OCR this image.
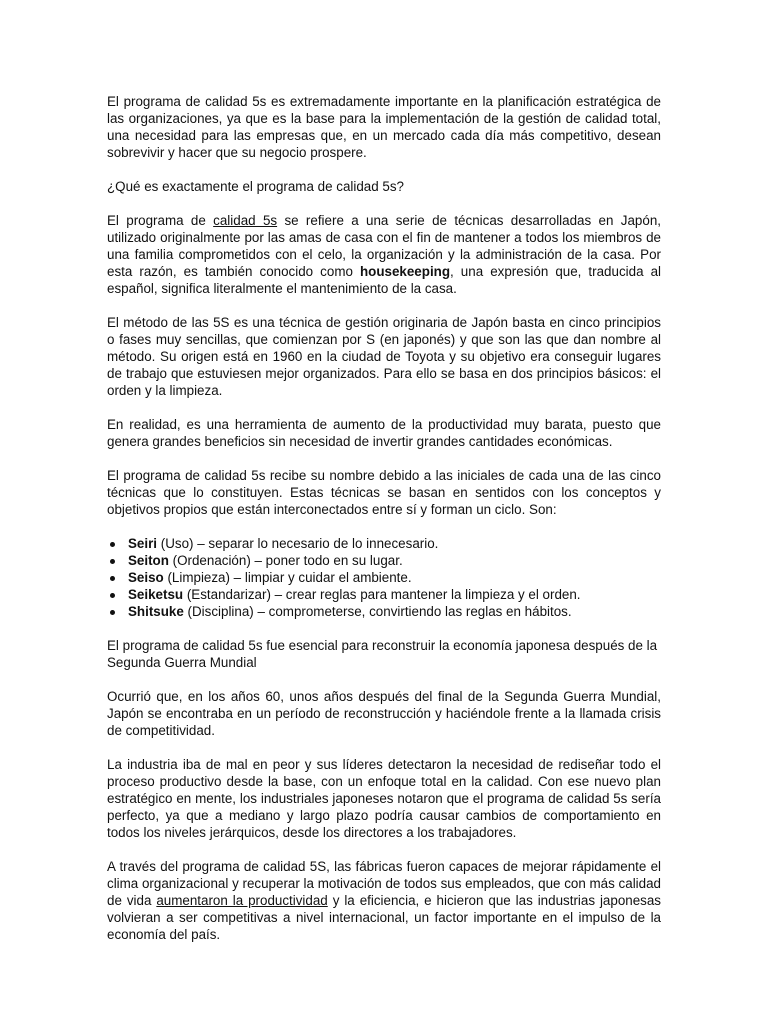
El programa de calidad 5s es extremadamente importante en la planificación estratégica de las organizaciones, ya que es la base para la implementación de la gestión de calidad total, una necesidad para las empresas que, en un mercado cada día más competitivo, desean sobrevivir y hacer que su negocio prospere.

¿Qué es exactamente el programa de calidad 5s?

El programa de calidad 5s se refiere a una serie de técnicas desarrolladas en Japón, utilizado originalmente por las amas de casa con el fin de mantener a todos los miembros de una familia comprometidos con el celo, la organización y la administración de la casa. Por esta razón, es también conocido como housekeeping, una expresión que, traducida al español, significa literalmente el mantenimiento de la casa.

El método de las 5S es una técnica de gestión originaria de Japón basta en cinco principios o fases muy sencillas, que comienzan por S (en japonés) y que son las que dan nombre al método. Su origen está en 1960 en la ciudad de Toyota y su objetivo era conseguir lugares de trabajo que estuviesen mejor organizados. Para ello se basa en dos principios básicos: el orden y la limpieza.

En realidad, es una herramienta de aumento de la productividad muy barata, puesto que genera grandes beneficios sin necesidad de invertir grandes cantidades económicas.

El programa de calidad 5s recibe su nombre debido a las iniciales de cada una de las cinco técnicas que lo constituyen. Estas técnicas se basan en sentidos con los conceptos y objetivos propios que están interconectados entre sí y forman un ciclo. Son:

Seiri (Uso) – separar lo necesario de lo innecesario.
Seiton (Ordenación) – poner todo en su lugar.
Seiso (Limpieza) – limpiar y cuidar el ambiente.
Seiketsu (Estandarizar) – crear reglas para mantener la limpieza y el orden.
Shitsuke (Disciplina) – comprometerse, convirtiendo las reglas en hábitos.

El programa de calidad 5s fue esencial para reconstruir la economía japonesa después de la Segunda Guerra Mundial

Ocurrió que, en los años 60, unos años después del final de la Segunda Guerra Mundial, Japón se encontraba en un período de reconstrucción y haciéndole frente a la llamada crisis de competitividad.

La industria iba de mal en peor y sus líderes detectaron la necesidad de rediseñar todo el proceso productivo desde la base, con un enfoque total en la calidad. Con ese nuevo plan estratégico en mente, los industriales japoneses notaron que el programa de calidad 5s sería perfecto, ya que a mediano y largo plazo podría causar cambios de comportamiento en todos los niveles jerárquicos, desde los directores a los trabajadores.

A través del programa de calidad 5S, las fábricas fueron capaces de mejorar rápidamente el clima organizacional y recuperar la motivación de todos sus empleados, que con más calidad de vida aumentaron la productividad y la eficiencia, e hicieron que las industrias japonesas volvieran a ser competitivas a nivel internacional, un factor importante en el impulso de la economía del país.
